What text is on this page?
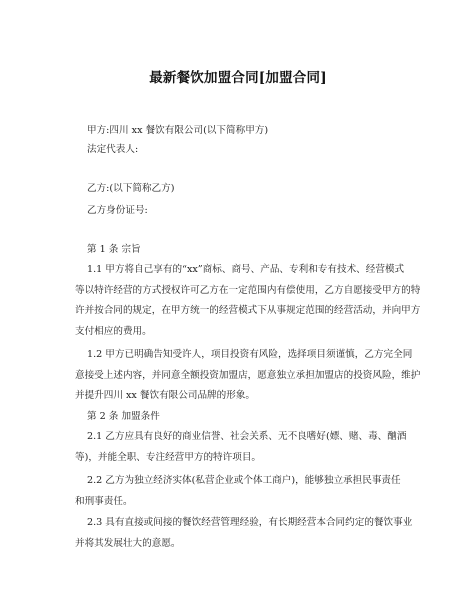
最新餐饮加盟合同[加盟合同]
甲方:四川 xx 餐饮有限公司(以下简称甲方)
法定代表人:
乙方:(以下简称乙方)
乙方身份证号:
第 1 条 宗旨
1.1 甲方将自己享有的“xx”商标、商号、产品、专利和专有技术、经营模式
等以特许经营的方式授权许可乙方在一定范围内有偿使用，乙方自愿接受甲方的特
许并按合同的规定，在甲方统一的经营模式下从事规定范围的经营活动，并向甲方
支付相应的费用。
1.2 甲方已明确告知受许人，项目投资有风险，选择项目须谨慎，乙方完全同
意接受上述内容，并同意全额投资加盟店，愿意独立承担加盟店的投资风险，维护
并提升四川 xx 餐饮有限公司品牌的形象。
第 2 条 加盟条件
2.1 乙方应具有良好的商业信誉、社会关系、无不良嗜好(嫖、赌、毒、酗酒
等)，并能全职、专注经营甲方的特许项目。
2.2 乙方为独立经济实体(私营企业或个体工商户)，能够独立承担民事责任
和刑事责任。
2.3 具有直接或间接的餐饮经营管理经验，有长期经营本合同约定的餐饮事业
并将其发展壮大的意愿。
